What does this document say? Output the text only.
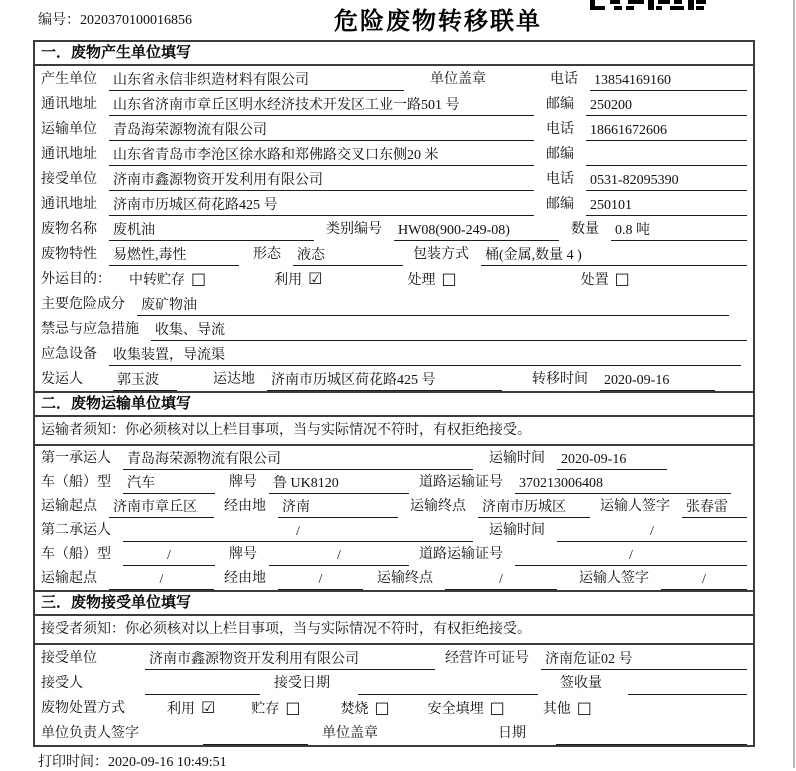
编号：2020370100016856	危险废物转移联单
一．废物产生单位填写
产生单位 山东省永信非织造材料有限公司	单位盖章	电话 13854169160
通讯地址 山东省济南市章丘区明水经济技术开发区工业一路501 号	邮编 250200
运输单位 青岛海荣源物流有限公司	电话 18661672606
通讯地址 山东省青岛市李沧区徐水路和郑佛路交叉口东侧20 米	邮编
接受单位 济南市鑫源物资开发利用有限公司	电话 0531-82095390
通讯地址 济南市历城区荷花路425 号	邮编 250101
废物名称 废机油	类别编号 HW08(900-249-08)	数量 0.8 吨
废物特性 易燃性,毒性	形态 液态	包装方式 桶(金属,数量 4 )
外运目的： 中转贮存 □	利用 ☑	处理 □	处置 □
主要危险成分 废矿物油
禁忌与应急措施 收集、导流
应急设备 收集装置，导流渠
发运人 郭玉波	运达地 济南市历城区荷花路425 号	转移时间 2020-09-16
二．废物运输单位填写
运输者须知：你必须核对以上栏目事项，当与实际情况不符时，有权拒绝接受。
第一承运人 青岛海荣源物流有限公司	运输时间 2020-09-16
车（船）型 汽车	牌号 鲁 UK8120	道路运输证号 370213006408
运输起点 济南市章丘区	经由地 济南	运输终点 济南市历城区	运输人签字 张春雷
第二承运人	/	运输时间	/
车（船）型	/	牌号	/	道路运输证号	/
运输起点	/	经由地	/	运输终点	/	运输人签字	/
三．废物接受单位填写
接受者须知：你必须核对以上栏目事项，当与实际情况不符时，有权拒绝接受。
接受单位	济南市鑫源物资开发利用有限公司	经营许可证号 济南危证02 号
接受人	接受日期	签收量
废物处置方式	利用 ☑	贮存 □	焚烧 □	安全填埋 □	其他 □
单位负责人签字	单位盖章	日期
打印时间：2020-09-16 10:49:51
